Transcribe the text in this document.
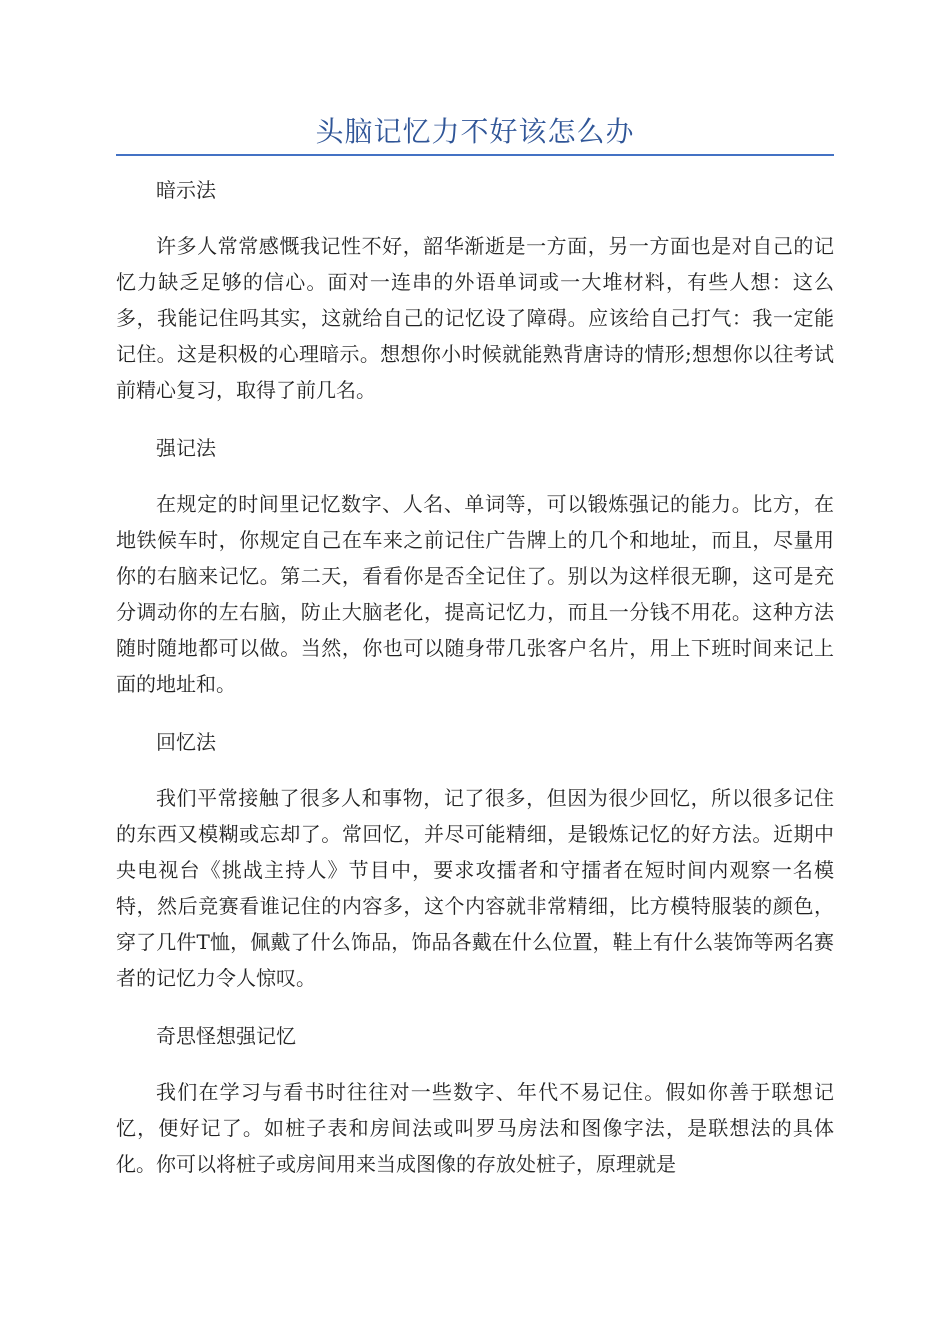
头脑记忆力不好该怎么办

暗示法

许多人常常感慨我记性不好，韶华渐逝是一方面，另一方面也是对自己的记忆力缺乏足够的信心。面对一连串的外语单词或一大堆材料，有些人想：这么多，我能记住吗其实，这就给自己的记忆设了障碍。应该给自己打气：我一定能记住。这是积极的心理暗示。想想你小时候就能熟背唐诗的情形;想想你以往考试前精心复习，取得了前几名。

强记法

在规定的时间里记忆数字、人名、单词等，可以锻炼强记的能力。比方，在地铁候车时，你规定自己在车来之前记住广告牌上的几个和地址，而且，尽量用你的右脑来记忆。第二天，看看你是否全记住了。别以为这样很无聊，这可是充分调动你的左右脑，防止大脑老化，提高记忆力，而且一分钱不用花。这种方法随时随地都可以做。当然，你也可以随身带几张客户名片，用上下班时间来记上面的地址和。

回忆法

我们平常接触了很多人和事物，记了很多，但因为很少回忆，所以很多记住的东西又模糊或忘却了。常回忆，并尽可能精细，是锻炼记忆的好方法。近期中央电视台《挑战主持人》节目中，要求攻擂者和守擂者在短时间内观察一名模特，然后竞赛看谁记住的内容多，这个内容就非常精细，比方模特服装的颜色，穿了几件T恤，佩戴了什么饰品，饰品各戴在什么位置，鞋上有什么装饰等两名赛者的记忆力令人惊叹。

奇思怪想强记忆

我们在学习与看书时往往对一些数字、年代不易记住。假如你善于联想记忆，便好记了。如桩子表和房间法或叫罗马房法和图像字法，是联想法的具体化。你可以将桩子或房间用来当成图像的存放处桩子，原理就是
